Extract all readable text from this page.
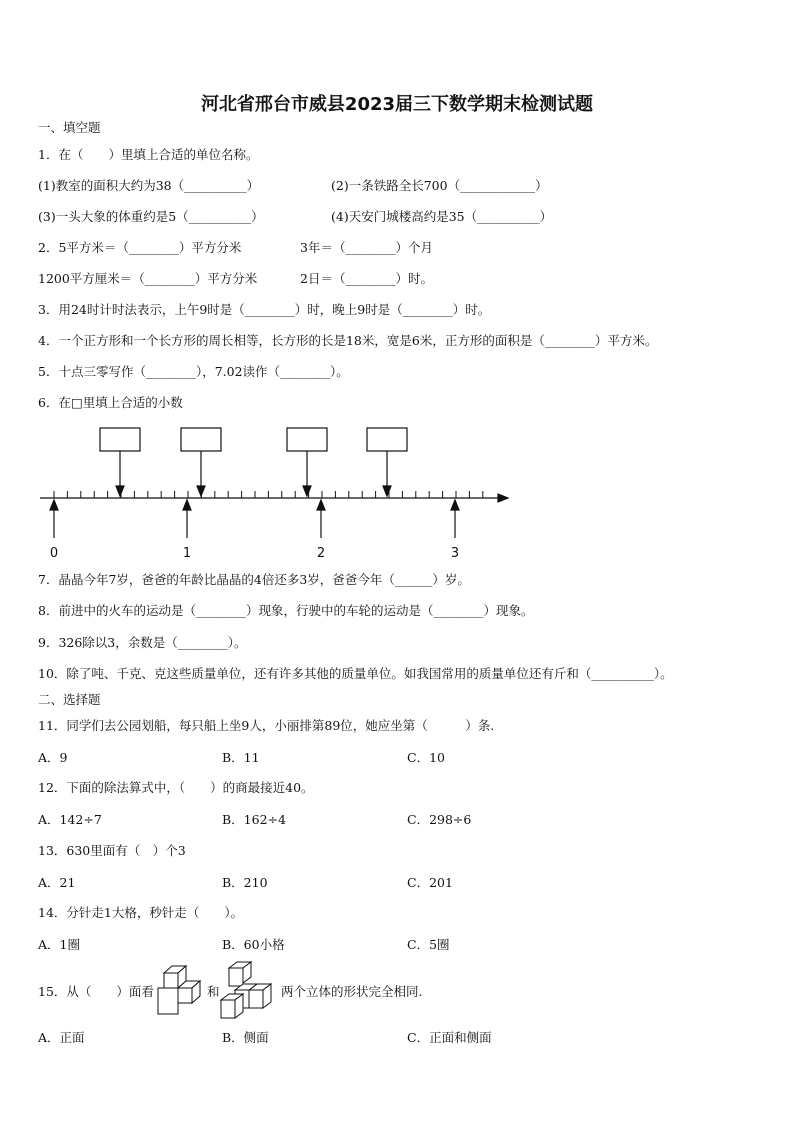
河北省邢台市威县2023届三下数学期末检测试题
一、填空题
1．在（　　）里填上合适的单位名称。
(1)教室的面积大约为38（__________）	(2)一条铁路全长700（____________）
(3)一头大象的体重约是5（__________）	(4)天安门城楼高约是35（__________）
2．5平方米＝（________）平方分米	3年＝（________）个月
1200平方厘米＝（________）平方分米	2日＝（________）时。
3．用24时计时法表示，上午9时是（________）时，晚上9时是（________）时。
4．一个正方形和一个长方形的周长相等，长方形的长是18米，宽是6米，正方形的面积是（________）平方米。
5．十点三零写作（________），7.02读作（________）。
6．在□里填上合适的小数
0	1	2	3
7．晶晶今年7岁，爸爸的年龄比晶晶的4倍还多3岁，爸爸今年（______）岁。
8．前进中的火车的运动是（________）现象，行驶中的车轮的运动是（________）现象。
9．326除以3，余数是（________）。
10．除了吨、千克、克这些质量单位，还有许多其他的质量单位。如我国常用的质量单位还有斤和（__________）。
二、选择题
11．同学们去公园划船，每只船上坐9人，小丽排第89位，她应坐第（　　　）条.
A．9	B．11	C．10
12．下面的除法算式中，（　　）的商最接近40。
A．142÷7	B．162÷4	C．298÷6
13．630里面有（　）个3
A．21	B．210	C．201
14．分针走1大格，秒针走（　　）。
A．1圈	B．60小格	C．5圈
15．从（　　）面看	和	两个立体的形状完全相同.
A．正面	B．侧面	C．正面和侧面
